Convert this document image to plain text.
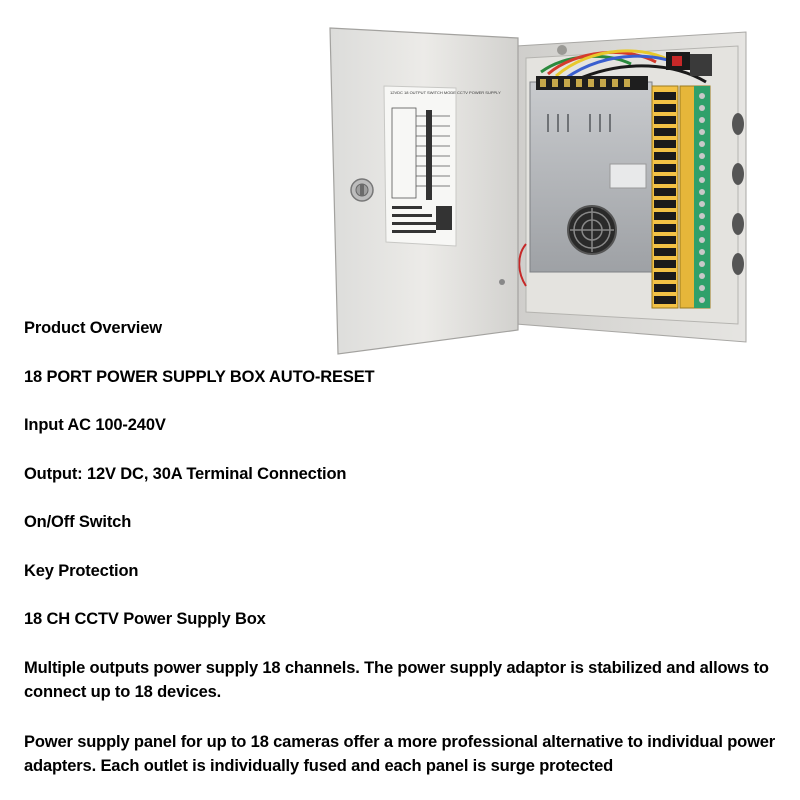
12VDC 18 OUTPUT SWITCH MODE CCTV POWER SUPPLY
Product Overview
18 PORT POWER SUPPLY BOX AUTO-RESET
Input AC 100-240V
Output: 12V DC, 30A Terminal Connection
On/Off Switch
Key Protection
18 CH CCTV Power Supply Box
Multiple outputs power supply 18 channels. The power supply adaptor is stabilized and allows to connect up to 18 devices.
Power supply panel for up to 18 cameras offer a more professional alternative to individual power adapters. Each outlet is individually fused and each panel is surge protected
